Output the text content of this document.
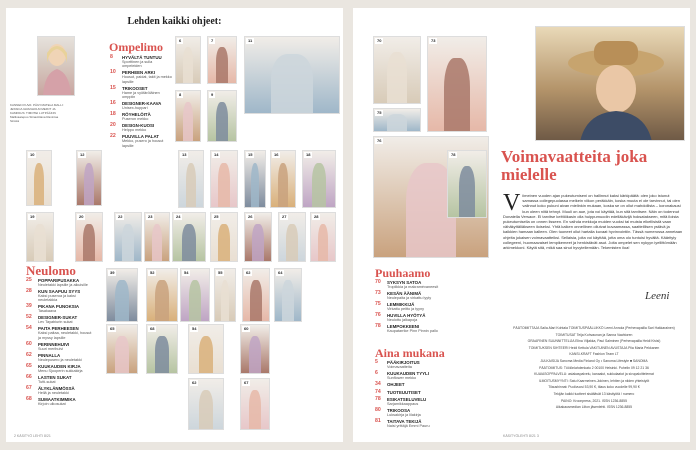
Lehden kaikki ohjeet:
KANNEN KUVA: PÄIVI MATELA MALLI: JESSICA GRANHOLM MEIKIT JA KAMPAUS: TIMOTEI LUTPÄÄKIN Mallivaatepuo Stinaviittava Ravintoa Sinistä
Ompelimo
8	HYVÄLTÄ TUNTUU
Sporttinen ja sulla ompeleiden
10	PERHEEN ARKI
Housut, paidat, takit ja mekko lapsille
15	TRIKOOSET
Hame ja vyötäröläinen omppiin
16	DESIGNER-KAAVA
Unisex-huppari
18	RÖYHELÖITÄ
Puseron mekko
20	DESIGN-KUOSI
Helppo mekko
22	PUUVILLA PALAT
Mekko, pusero ja housut lapsille
Neulomo
25	POPPARIPUSAKKA
Neuletakki lapsille ja aikuisille
28	KUN SAAPUU SYYS
Kaksi puseroa ja kaksi neuletakkia
39	PIKANA PUNOKSIA
Tasakaava
52	DESIGNER-SUKAT
Lev Tayabiurin sukat
54	PAITA PERHEESEN
Kaksi paitaa, neuletakki, housut ja myssy lapsille
60	PERINNEHUIVI
Suuri merihuivi
62	PINNALLA
Neulepusero ja neuletakki
65	KUUKAUDEN KIRJA
Menu Sjooperin sukkakirja
66	LASTEN SUKAT
Tutti-sukat
67	ÄLYKLÄNMÖSSÄ
Hellä ja neuletakki
68	SUMAATKIMMIKA
Kirjoin ulkosukat
6	7	11
8	9
10	12	13	14	15	16	18
19	20	22	23	24	25	26	27	28
39	52	54	55	62	64
65	68	54	60
62	67
2 KÄSITYÖ LEHTI 8/21
70	73
75
76
78
Puuhaamo
70	SYKSYN SATOA
Tropiikkia ja makramévaneesit
73	KESÄN ÄÄNIMÄ
Neulepaita ja virkattu lyyty
75	LEMMIKKIJÄ
Virkattu peitto ja tyyny
76	HUVILLA HYÖTYÄ
Neulottu jalkapoja
78	LEMPOKKEENI
Kaupatarrike Pinn Pinnin pallo
Aina mukana
5	PÄÄKIRJOITUS
Voimavaatteita
6	KUUKAUDEN TYYLI
Sunflower mekko
34	OHJEET
74	TUOTEUUTISET
78	ESIKATSELUVELU
Sarjamikkaappaus
80	TRIKOOSA
Luksakirja ja lilakirja
81	TAITAVA TEKIJÄ
Naisi yrittäjä Emmi Pauru
Voimavaatteita joka mielelle
V iimeinen vuoden ajan pukeutumiseni on hallinnut kaksi kärkipäätä: olen joko istunut samassa collegepuolassa melkein viikon peräkkäin, koska muuta ei ole tarvinnut, tai olen valinnut koko pukuni aivan mielinkin mukaan, koska se on ollut mahdollista – koronakausi kun oleen niitä tehnyt. Muuli on aue, jota voi käyttää, kun sitä tarvitsee. Näin on todennut Donatella Versace. Ei tarvitse keittiökasin olla huippumuodin edelläkävijä hoksatakseen, mitä iloista pukeutumisella on onnen lisseen. En vaihda mekkoja muiden vuoksi tai muista elkellisistä vaan vähäkyttäliäkseen iloiseksi. Yhtä kaiken onnellinen ollutvat kuvaamassa, saatteillisen ystävä ja kaikkien hamaan kalleen. Olen tuoneet ollut hartalla kuvaat hyvinvointiin. Tässä numerossa annetaan ohjeita jokaisen voimavaatteiksi. Sellaisia, joita voi käyttää, jotta oma olo tuntuisi hyvältä. Käärityly collegeeni, huomaavaiset lempikemeet ja henkistävät asut. Joita ompelet sen nykyyn iyellittömään arkimekkoni. Käytä sitä, mikä saa sinut hyvytellemään. Tekemisten iloa!
Leeni

PÄÄTOIMITTAJA Saila-Mari Kohtala TOIMITUSPÄÄLLIKKÖ Leeni Annola (Perhevapailla Sari Hakkarainen)

TOIMITUSAT Teija Kohvaunan ja Sanna Vaahtoren

GRAAFINEN SUUNNITTELIJA Elina Viljakka, Paul Salminen (Perhevapailla Heidi Kivisi)

TOIMITUKSEN SIHTEERI Heidi Kettula VAKITUINEN AVUSTAJA Piia Maria Pekkanen

KANSI-KRAFT Fashion Team LT

JULKAISIJA Sanoma Media Finland Oy • Sanoma Lifestyle ■ SANOMA

PÄÄTOIMITUS: Töölönlahdenkatu 2 00100 Helsinki. Puhelin 09 12 21 36

KUAIASOPPALVELU: asiakaspalvelu, kanaalut, sukkulaatot ja sivupaloittelemat

ILMOITUSMYYNTI: Satu Kaarmeinen-Jokinen, lehtien ja niiden yhteistyöt

Tilaushinnat: Puolivuosi 53,90 €, tilaus koko vuodelle 99,90 €

Tekijän kaikki tuotteet sisältävät 13 käsityötä / numero

PAINO: Kroonpress, 2021. ISSN 1236-8855

Aikakausmedian Liiton jäsenlehti. ISSN 1236-8855

KÄSITYÖLEHTI 8/21 3
